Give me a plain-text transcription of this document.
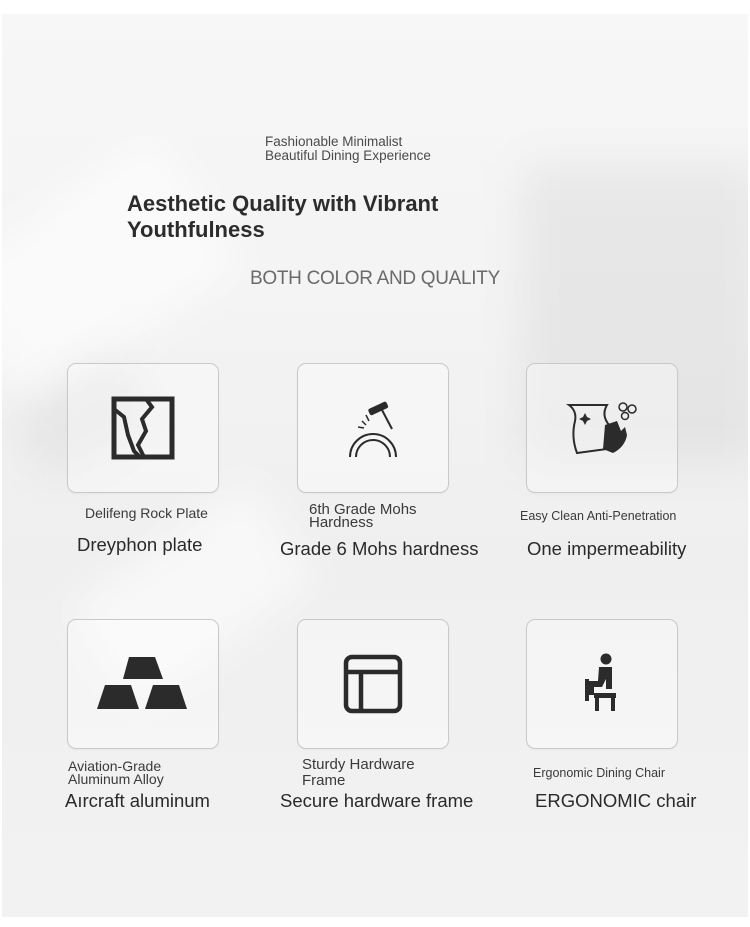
Fashionable Minimalist
Beautiful Dining Experience
Aesthetic Quality with Vibrant
Youthfulness
BOTH COLOR AND QUALITY
Delifeng Rock Plate
Dreyphon plate
6th Grade Mohs
Hardness
Grade 6 Mohs hardness
Easy Clean Anti-Penetration
One impermeability
Aviation-Grade
Aluminum Alloy
Aırcraft aluminum
Sturdy Hardware
Frame
Secure hardware frame
Ergonomic Dining Chair
ERGONOMIC chair
